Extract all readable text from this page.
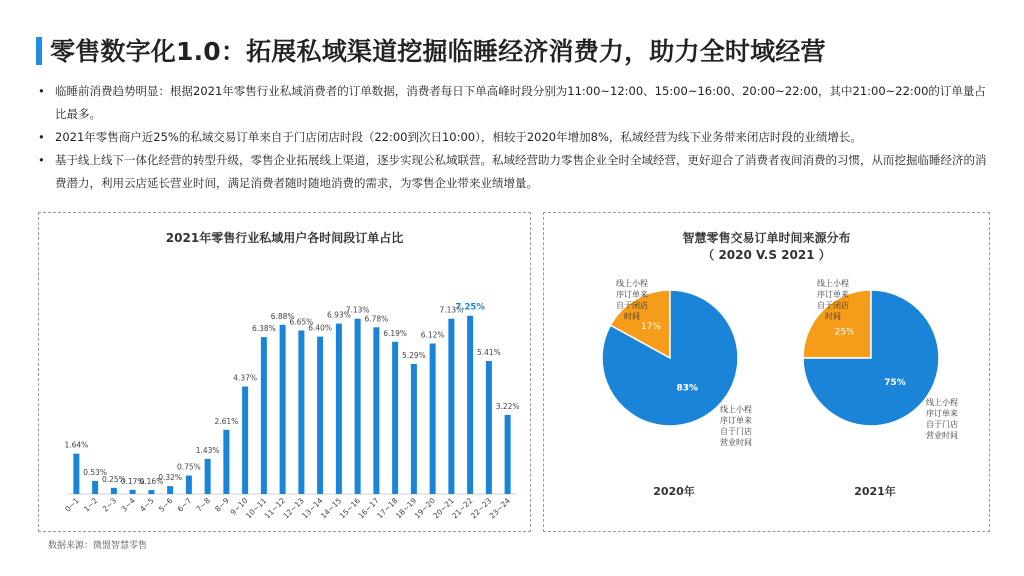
零售数字化1.0：拓展私域渠道挖掘临睡经济消费力，助力全时域经营
• 临睡前消费趋势明显：根据2021年零售行业私域消费者的订单数据，消费者每日下单高峰时段分别为11:00~12:00、15:00~16:00、20:00~22:00，其中21:00~22:00的订单量占比最多。
• 2021年零售商户近25%的私域交易订单来自于门店闭店时段（22:00到次日10:00），相较于2020年增加8%，私域经营为线下业务带来闭店时段的业绩增长。
• 基于线上线下一体化经营的转型升级，零售企业拓展线上渠道，逐步实现公私域联营。私域经营助力零售企业全时全域经营，更好迎合了消费者夜间消费的习惯，从而挖掘临睡经济的消费潜力，利用云店延长营业时间，满足消费者随时随地消费的需求，为零售企业带来业绩增量。
2021年零售行业私域用户各时间段订单占比
1.64%
0~1
0.53%
1~2
0.25%
2~3
0.17%
3~4
0.16%
4~5
0.32%
5~6
0.75%
6~7
1.43%
7~8
2.61%
8~9
4.37%
9~10
6.38%
10~11
6.88%
11~12
6.65%
12~13
6.40%
13~14
6.93%
14~15
7.13%
15~16
6.78%
16~17
6.19%
17~18
5.29%
18~19
6.12%
19~20
7.13%
20~21
7.25%
21~22
5.41%
22~23
3.22%
23~24
智慧零售交易订单时间来源分布
（ 2020 V.S 2021 ）
17%
83%
2020年
线上小程
序订单来
自于闭店
时间
线上小程
序订单来
自于门店
营业时间
25%
75%
2021年
线上小程
序订单来
自于闭店
时间
线上小程
序订单来
自于门店
营业时间
数据来源：微盟智慧零售
